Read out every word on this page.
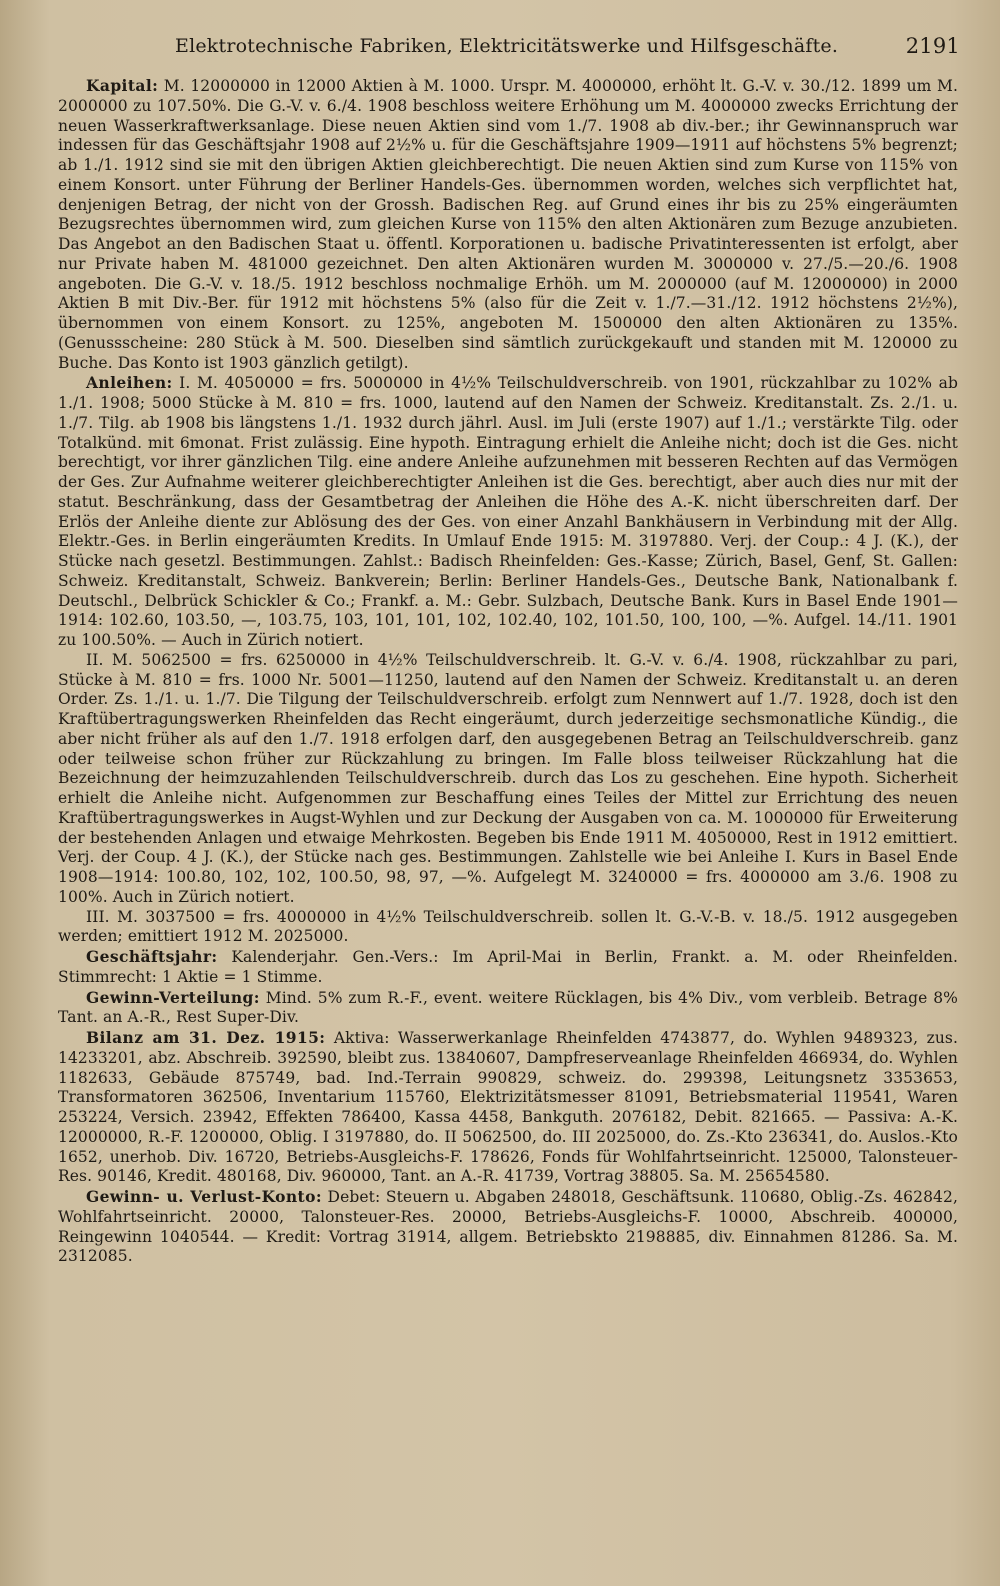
Elektrotechnische Fabriken, Elektricitätswerke und Hilfsgeschäfte.	2191

Kapital: M. 12000000 in 12000 Aktien à M. 1000. Urspr. M. 4000000, erhöht lt. G.-V. v. 30./12. 1899 um M. 2000000 zu 107.50%. Die G.-V. v. 6./4. 1908 beschloss weitere Erhöhung um M. 4000000 zwecks Errichtung der neuen Wasserkraftwerksanlage. Diese neuen Aktien sind vom 1./7. 1908 ab div.-ber.; ihr Gewinnanspruch war indessen für das Geschäftsjahr 1908 auf 2½% u. für die Geschäftsjahre 1909—1911 auf höchstens 5% begrenzt; ab 1./1. 1912 sind sie mit den übrigen Aktien gleichberechtigt. Die neuen Aktien sind zum Kurse von 115% von einem Konsort. unter Führung der Berliner Handels-Ges. übernommen worden, welches sich verpflichtet hat, denjenigen Betrag, der nicht von der Grossh. Badischen Reg. auf Grund eines ihr bis zu 25% eingeräumten Bezugsrechtes übernommen wird, zum gleichen Kurse von 115% den alten Aktionären zum Bezuge anzubieten. Das Angebot an den Badischen Staat u. öffentl. Korporationen u. badische Privatinteressenten ist erfolgt, aber nur Private haben M. 481000 gezeichnet. Den alten Aktionären wurden M. 3000000 v. 27./5.—20./6. 1908 angeboten. Die G.-V. v. 18./5. 1912 beschloss nochmalige Erhöh. um M. 2000000 (auf M. 12000000) in 2000 Aktien B mit Div.-Ber. für 1912 mit höchstens 5% (also für die Zeit v. 1./7.—31./12. 1912 höchstens 2½%), übernommen von einem Konsort. zu 125%, angeboten M. 1500000 den alten Aktionären zu 135%. (Genussscheine: 280 Stück à M. 500. Dieselben sind sämtlich zurückgekauft und standen mit M. 120000 zu Buche. Das Konto ist 1903 gänzlich getilgt).

Anleihen: I. M. 4050000 = frs. 5000000 in 4½% Teilschuldverschreib. von 1901, rückzahlbar zu 102% ab 1./1. 1908; 5000 Stücke à M. 810 = frs. 1000, lautend auf den Namen der Schweiz. Kreditanstalt. Zs. 2./1. u. 1./7. Tilg. ab 1908 bis längstens 1./1. 1932 durch jährl. Ausl. im Juli (erste 1907) auf 1./1.; verstärkte Tilg. oder Totalkünd. mit 6monat. Frist zulässig. Eine hypoth. Eintragung erhielt die Anleihe nicht; doch ist die Ges. nicht berechtigt, vor ihrer gänzlichen Tilg. eine andere Anleihe aufzunehmen mit besseren Rechten auf das Vermögen der Ges. Zur Aufnahme weiterer gleichberechtigter Anleihen ist die Ges. berechtigt, aber auch dies nur mit der statut. Beschränkung, dass der Gesamtbetrag der Anleihen die Höhe des A.-K. nicht überschreiten darf. Der Erlös der Anleihe diente zur Ablösung des der Ges. von einer Anzahl Bankhäusern in Verbindung mit der Allg. Elektr.-Ges. in Berlin eingeräumten Kredits. In Umlauf Ende 1915: M. 3197880. Verj. der Coup.: 4 J. (K.), der Stücke nach gesetzl. Bestimmungen. Zahlst.: Badisch Rheinfelden: Ges.-Kasse; Zürich, Basel, Genf, St. Gallen: Schweiz. Kreditanstalt, Schweiz. Bankverein; Berlin: Berliner Handels-Ges., Deutsche Bank, Nationalbank f. Deutschl., Delbrück Schickler & Co.; Frankf. a. M.: Gebr. Sulzbach, Deutsche Bank. Kurs in Basel Ende 1901—1914: 102.60, 103.50, —, 103.75, 103, 101, 101, 102, 102.40, 102, 101.50, 100, 100, —%. Aufgel. 14./11. 1901 zu 100.50%. — Auch in Zürich notiert.

II. M. 5062500 = frs. 6250000 in 4½% Teilschuldverschreib. lt. G.-V. v. 6./4. 1908, rückzahlbar zu pari, Stücke à M. 810 = frs. 1000 Nr. 5001—11250, lautend auf den Namen der Schweiz. Kreditanstalt u. an deren Order. Zs. 1./1. u. 1./7. Die Tilgung der Teilschuldverschreib. erfolgt zum Nennwert auf 1./7. 1928, doch ist den Kraftübertragungswerken Rheinfelden das Recht eingeräumt, durch jederzeitige sechsmonatliche Kündig., die aber nicht früher als auf den 1./7. 1918 erfolgen darf, den ausgegebenen Betrag an Teilschuldverschreib. ganz oder teilweise schon früher zur Rückzahlung zu bringen. Im Falle bloss teilweiser Rückzahlung hat die Bezeichnung der heimzuzahlenden Teilschuldverschreib. durch das Los zu geschehen. Eine hypoth. Sicherheit erhielt die Anleihe nicht. Aufgenommen zur Beschaffung eines Teiles der Mittel zur Errichtung des neuen Kraftübertragungswerkes in Augst-Wyhlen und zur Deckung der Ausgaben von ca. M. 1000000 für Erweiterung der bestehenden Anlagen und etwaige Mehrkosten. Begeben bis Ende 1911 M. 4050000, Rest in 1912 emittiert. Verj. der Coup. 4 J. (K.), der Stücke nach ges. Bestimmungen. Zahlstelle wie bei Anleihe I. Kurs in Basel Ende 1908—1914: 100.80, 102, 102, 100.50, 98, 97, —%. Aufgelegt M. 3240000 = frs. 4000000 am 3./6. 1908 zu 100%. Auch in Zürich notiert.

III. M. 3037500 = frs. 4000000 in 4½% Teilschuldverschreib. sollen lt. G.-V.-B. v. 18./5. 1912 ausgegeben werden; emittiert 1912 M. 2025000.

Geschäftsjahr: Kalenderjahr. Gen.-Vers.: Im April-Mai in Berlin, Frankt. a. M. oder Rheinfelden. Stimmrecht: 1 Aktie = 1 Stimme.

Gewinn-Verteilung: Mind. 5% zum R.-F., event. weitere Rücklagen, bis 4% Div., vom verbleib. Betrage 8% Tant. an A.-R., Rest Super-Div.

Bilanz am 31. Dez. 1915: Aktiva: Wasserwerkanlage Rheinfelden 4743877, do. Wyhlen 9489323, zus. 14233201, abz. Abschreib. 392590, bleibt zus. 13840607, Dampfreserveanlage Rheinfelden 466934, do. Wyhlen 1182633, Gebäude 875749, bad. Ind.-Terrain 990829, schweiz. do. 299398, Leitungsnetz 3353653, Transformatoren 362506, Inventarium 115760, Elektrizitätsmesser 81091, Betriebsmaterial 119541, Waren 253224, Versich. 23942, Effekten 786400, Kassa 4458, Bankguth. 2076182, Debit. 821665. — Passiva: A.-K. 12000000, R.-F. 1200000, Oblig. I 3197880, do. II 5062500, do. III 2025000, do. Zs.-Kto 236341, do. Auslos.-Kto 1652, unerhob. Div. 16720, Betriebs-Ausgleichs-F. 178626, Fonds für Wohlfahrtseinricht. 125000, Talonsteuer-Res. 90146, Kredit. 480168, Div. 960000, Tant. an A.-R. 41739, Vortrag 38805. Sa. M. 25654580.

Gewinn- u. Verlust-Konto: Debet: Steuern u. Abgaben 248018, Geschäftsunk. 110680, Oblig.-Zs. 462842, Wohlfahrtseinricht. 20000, Talonsteuer-Res. 20000, Betriebs-Ausgleichs-F. 10000, Abschreib. 400000, Reingewinn 1040544. — Kredit: Vortrag 31914, allgem. Betriebskto 2198885, div. Einnahmen 81286. Sa. M. 2312085.
